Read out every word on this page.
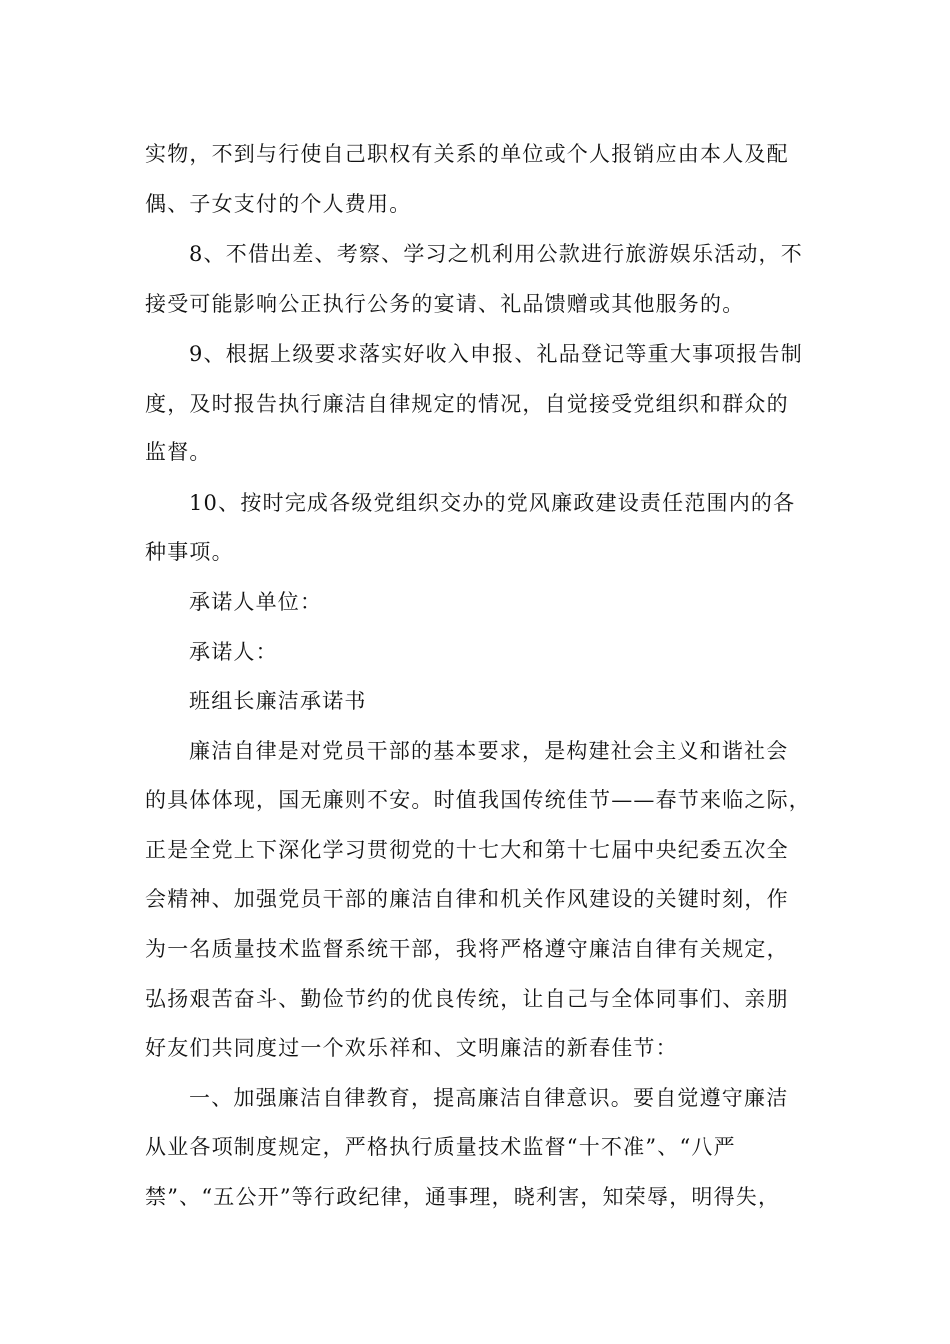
实物，不到与行使自己职权有关系的单位或个人报销应由本人及配
偶、子女支付的个人费用。
8、不借出差、考察、学习之机利用公款进行旅游娱乐活动，不
接受可能影响公正执行公务的宴请、礼品馈赠或其他服务的。
9、根据上级要求落实好收入申报、礼品登记等重大事项报告制
度，及时报告执行廉洁自律规定的情况，自觉接受党组织和群众的
监督。
10、按时完成各级党组织交办的党风廉政建设责任范围内的各
种事项。
承诺人单位：
承诺人：
班组长廉洁承诺书
廉洁自律是对党员干部的基本要求，是构建社会主义和谐社会
的具体体现，国无廉则不安。时值我国传统佳节——春节来临之际，
正是全党上下深化学习贯彻党的十七大和第十七届中央纪委五次全
会精神、加强党员干部的廉洁自律和机关作风建设的关键时刻，作
为一名质量技术监督系统干部，我将严格遵守廉洁自律有关规定，
弘扬艰苦奋斗、勤俭节约的优良传统，让自己与全体同事们、亲朋
好友们共同度过一个欢乐祥和、文明廉洁的新春佳节：
一、加强廉洁自律教育，提高廉洁自律意识。要自觉遵守廉洁
从业各项制度规定，严格执行质量技术监督“十不准”、“八严
禁”、“五公开”等行政纪律，通事理，晓利害，知荣辱，明得失，
